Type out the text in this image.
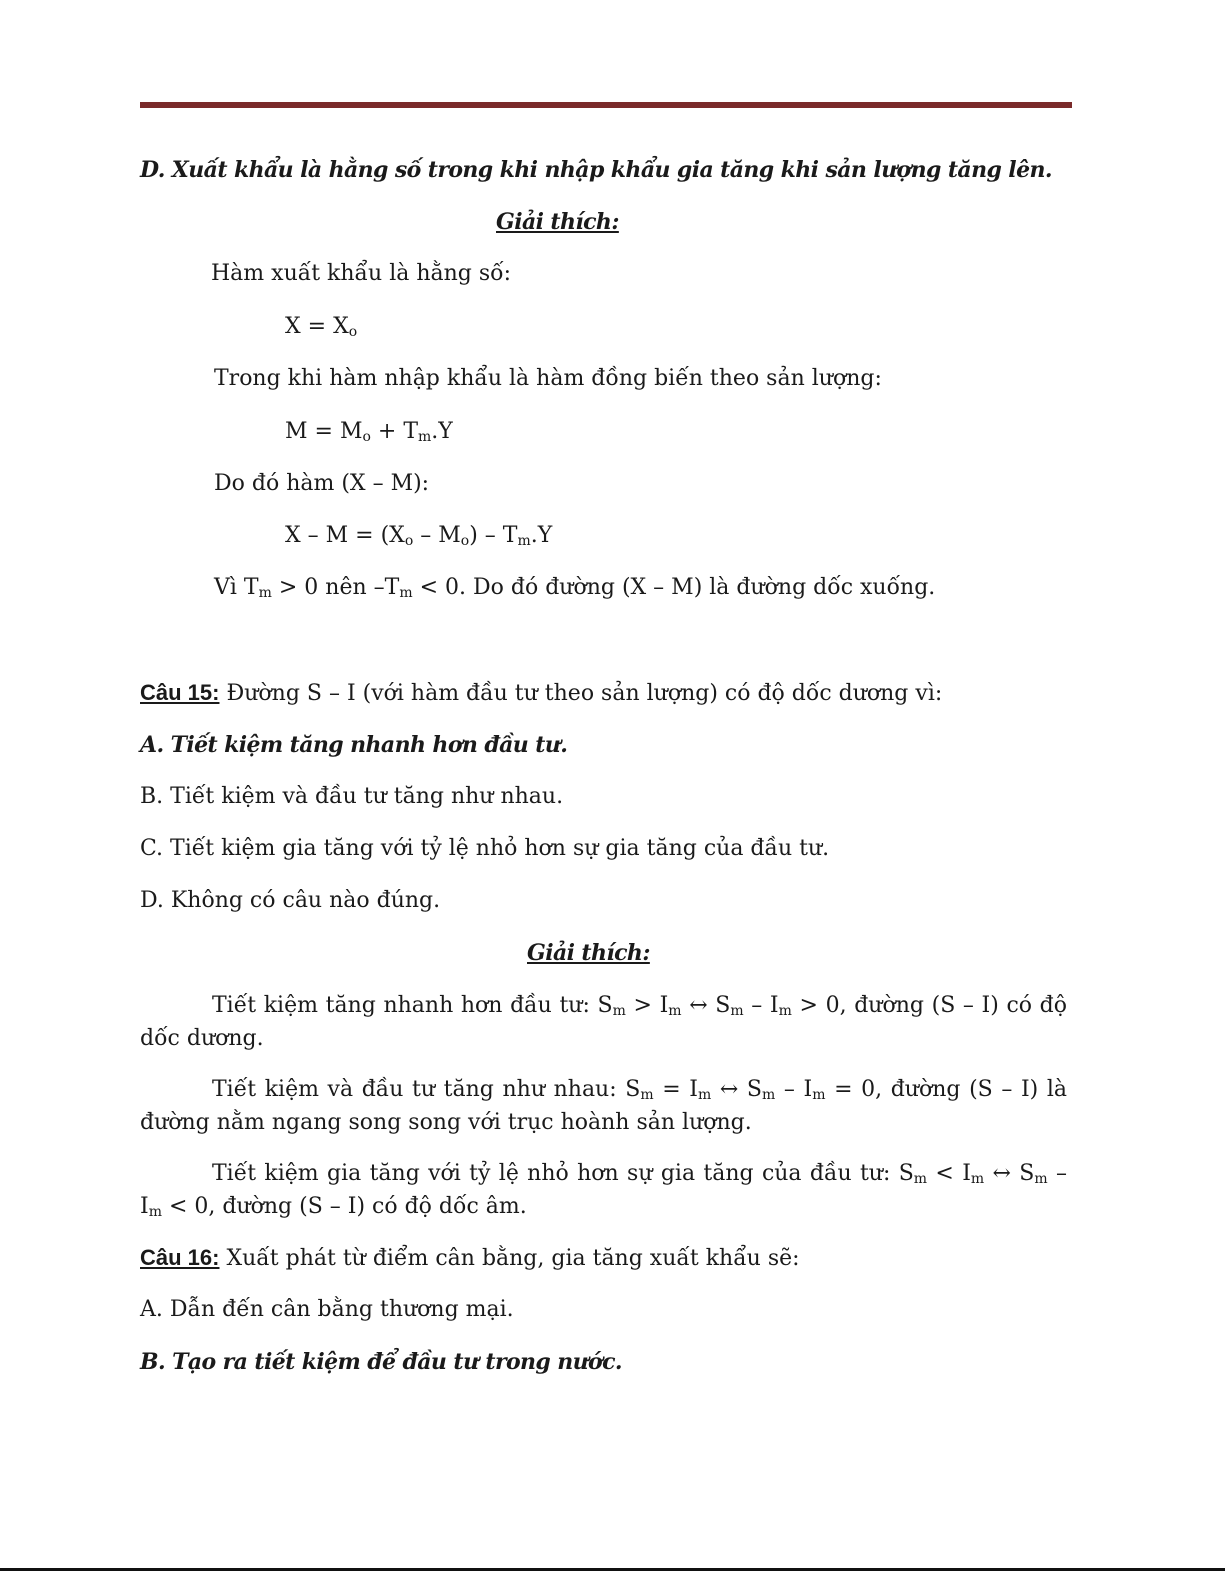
D. Xuất khẩu là hằng số trong khi nhập khẩu gia tăng khi sản lượng tăng lên.
Giải thích:
Hàm xuất khẩu là hằng số:
$X = X_o$
Trong khi hàm nhập khẩu là hàm đồng biến theo sản lượng:
$M = M_o + T_m.Y$
Do đó hàm (X – M):
$X - M = (X_o - M_o) - T_m.Y$
Vì $T_m > 0$ nên $-T_m < 0$. Do đó đường (X – M) là đường dốc xuống.
Câu 15: Đường S – I (với hàm đầu tư theo sản lượng) có độ dốc dương vì:
A. Tiết kiệm tăng nhanh hơn đầu tư.
B. Tiết kiệm và đầu tư tăng như nhau.
C. Tiết kiệm gia tăng với tỷ lệ nhỏ hơn sự gia tăng của đầu tư.
D. Không có câu nào đúng.
Giải thích:
Tiết kiệm tăng nhanh hơn đầu tư: $S_m > I_m$ ↔ $S_m - I_m > 0$, đường (S – I) có độ dốc dương.
Tiết kiệm và đầu tư tăng như nhau: $S_m = I_m$ ↔ $S_m - I_m = 0$, đường (S – I) là đường nằm ngang song song với trục hoành sản lượng.
Tiết kiệm gia tăng với tỷ lệ nhỏ hơn sự gia tăng của đầu tư: $S_m < I_m$ ↔ $S_m - I_m < 0$, đường (S – I) có độ dốc âm.
Câu 16: Xuất phát từ điểm cân bằng, gia tăng xuất khẩu sẽ:
A. Dẫn đến cân bằng thương mại.
B. Tạo ra tiết kiệm để đầu tư trong nước.
